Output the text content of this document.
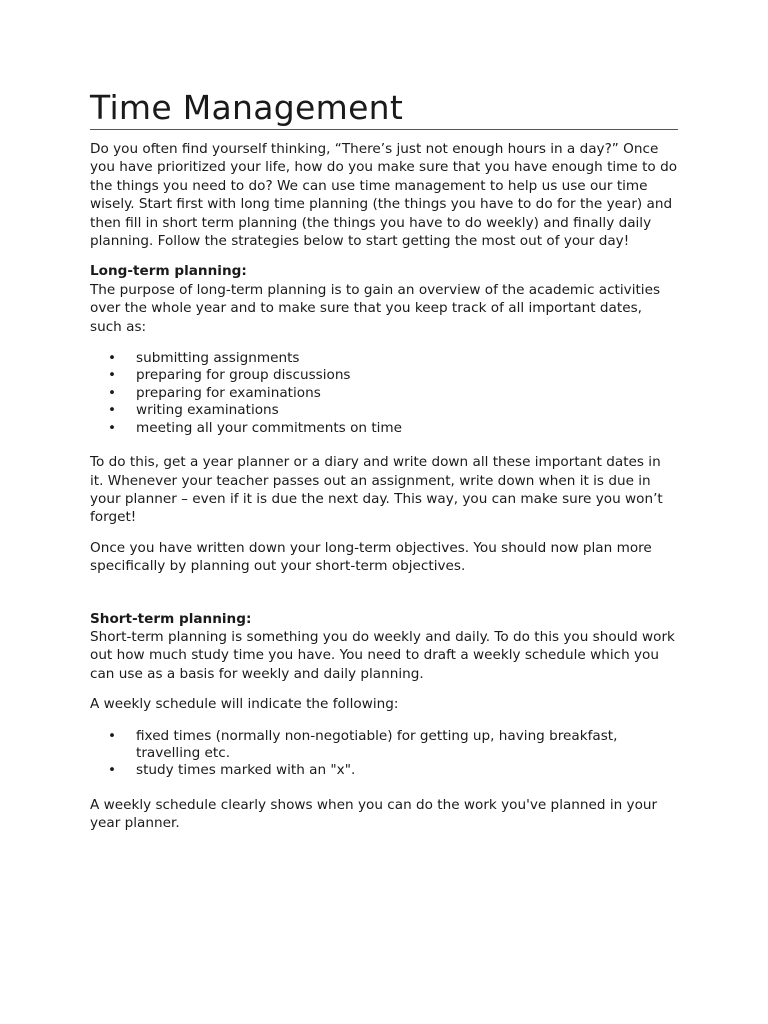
Time Management

Do you often find yourself thinking, “There’s just not enough hours in a day?” Once you have prioritized your life, how do you make sure that you have enough time to do the things you need to do? We can use time management to help us use our time wisely. Start first with long time planning (the things you have to do for the year) and then fill in short term planning (the things you have to do weekly) and finally daily planning. Follow the strategies below to start getting the most out of your day!

Long-term planning:

The purpose of long-term planning is to gain an overview of the academic activities over the whole year and to make sure that you keep track of all important dates, such as:

• submitting assignments
• preparing for group discussions
• preparing for examinations
• writing examinations
• meeting all your commitments on time

To do this, get a year planner or a diary and write down all these important dates in it. Whenever your teacher passes out an assignment, write down when it is due in your planner – even if it is due the next day. This way, you can make sure you won’t forget!

Once you have written down your long-term objectives. You should now plan more specifically by planning out your short-term objectives.

Short-term planning:

Short-term planning is something you do weekly and daily. To do this you should work out how much study time you have. You need to draft a weekly schedule which you can use as a basis for weekly and daily planning.

A weekly schedule will indicate the following:

• fixed times (normally non-negotiable) for getting up, having breakfast, travelling etc.
• study times marked with an "x".

A weekly schedule clearly shows when you can do the work you've planned in your year planner.
